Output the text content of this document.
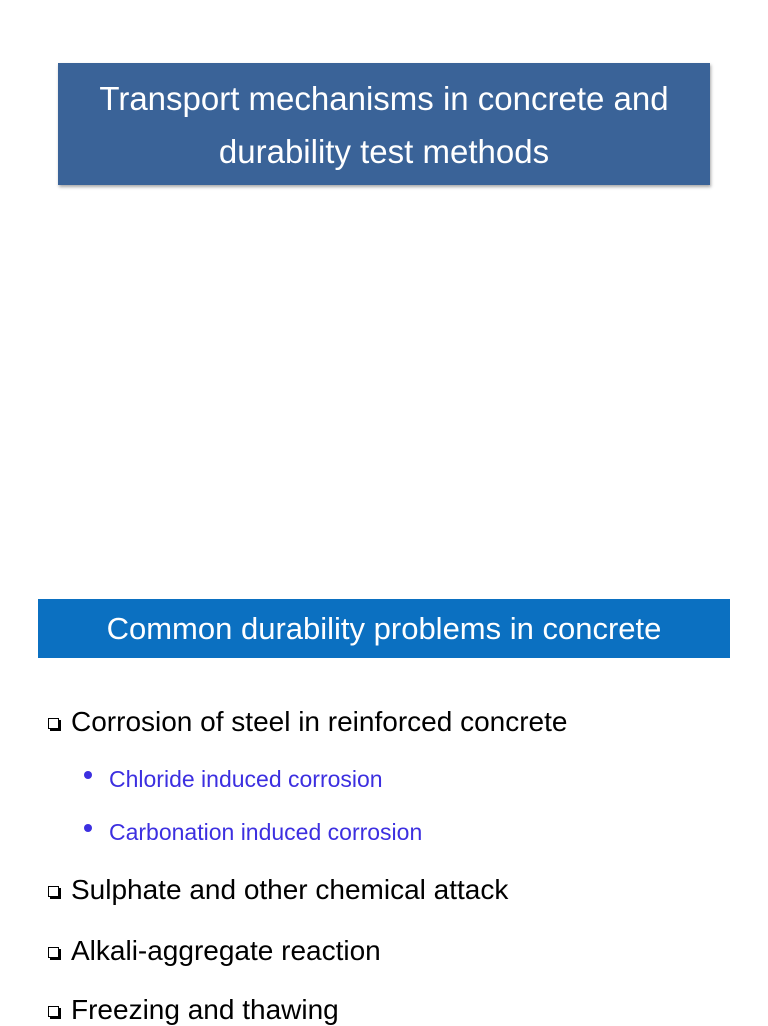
Transport mechanisms in concrete and durability test methods
Common durability problems in concrete
Corrosion of steel in reinforced concrete
Chloride induced corrosion
Carbonation induced corrosion
Sulphate and other chemical attack
Alkali-aggregate reaction
Freezing and thawing
